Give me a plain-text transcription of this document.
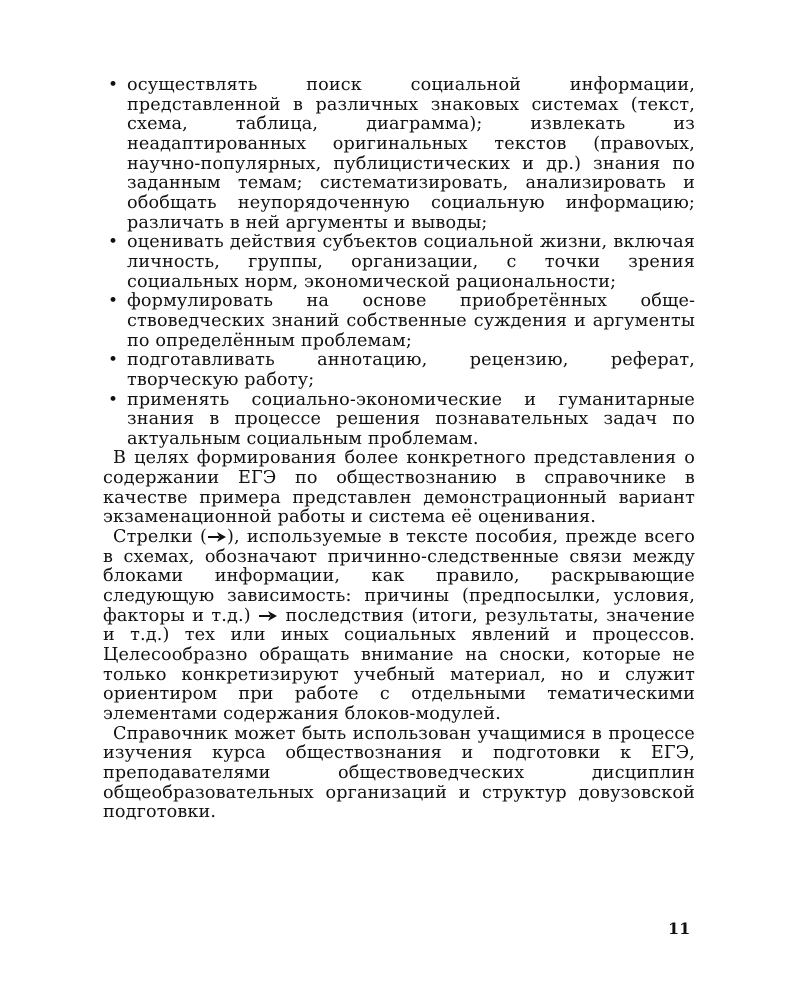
• осуществлять поиск социальной информации, представленной в различных знаковых системах (текст, схема, таблица, диаграмма); извлекать из неадаптированных оригинальных текстов (правоvых, научно-популярных, публицистических и др.) знания по заданным темам; систематизировать, анализировать и обобщать неупорядоченную социальную информацию; различать в ней аргументы и выводы;
• оценивать действия субъектов социальной жизни, включая личность, группы, организации, с точки зрения социальных норм, экономической рациональности;
• формулировать на основе приобретённых обществоведческих знаний собственные суждения и аргументы по определённым проблемам;
• подготавливать аннотацию, рецензию, реферат, творческую работу;
• применять социально-экономические и гуманитарные знания в процессе решения познавательных задач по актуальным социальным проблемам.

В целях формирования более конкретного представления о содержании ЕГЭ по обществознанию в справочнике в качестве примера представлен демонстрационный вариант экзаменационной работы и система её оценивания.

Стрелки ( ), используемые в тексте пособия, прежде всего в схемах, обозначают причинно-следственные связи между блоками информации, как правило, раскрывающие следующую зависимость: причины (предпосылки, условия, факторы и т.д.) последствия (итоги, результаты, значение и т.д.) тех или иных социальных явлений и процессов. Целесообразно обращать внимание на сноски, которые не только конкретизируют учебный материал, но и служит ориентиром при работе с отдельными тематическими элементами содержания блоков-модулей.

Справочник может быть использован учащимися в процессе изучения курса обществознания и подготовки к ЕГЭ, преподавателями обществоведческих дисциплин общеобразовательных организаций и структур довузовской подготовки.

11
